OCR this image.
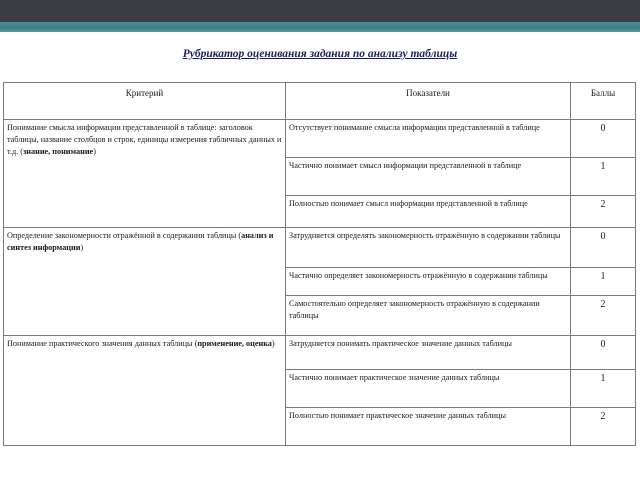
Рубрикатор оценивания задания по анализу таблицы
Критерий	Показатели	Баллы
Понимание смысла информации представленной в таблице: заголовок таблицы, название столбцов и строк, единицы измерения табличных данных и т.д. (знание, понимание)	Отсутствует понимание смысла информации представленной в таблице	0
	Частично понимает смысл информации представленной в таблице	1
	Полностью понимает смысл информации представленной в таблице	2
Определение закономерности отражённой в содержании таблицы (анализ и синтез информации)	Затрудняется определять закономерность отражённую в содержании таблицы	0
	Частично определяет закономерность отражённую в содержании таблицы	1
	Самостоятельно определяет закономерность отражённую в содержании таблицы	2
Понимание практического значения данных таблицы (применение, оценка)	Затрудняется понимать практическое значение данных таблицы	0
	Частично понимает практическое значение данных таблицы	1
	Полностью понимает практическое значение данных таблицы	2
